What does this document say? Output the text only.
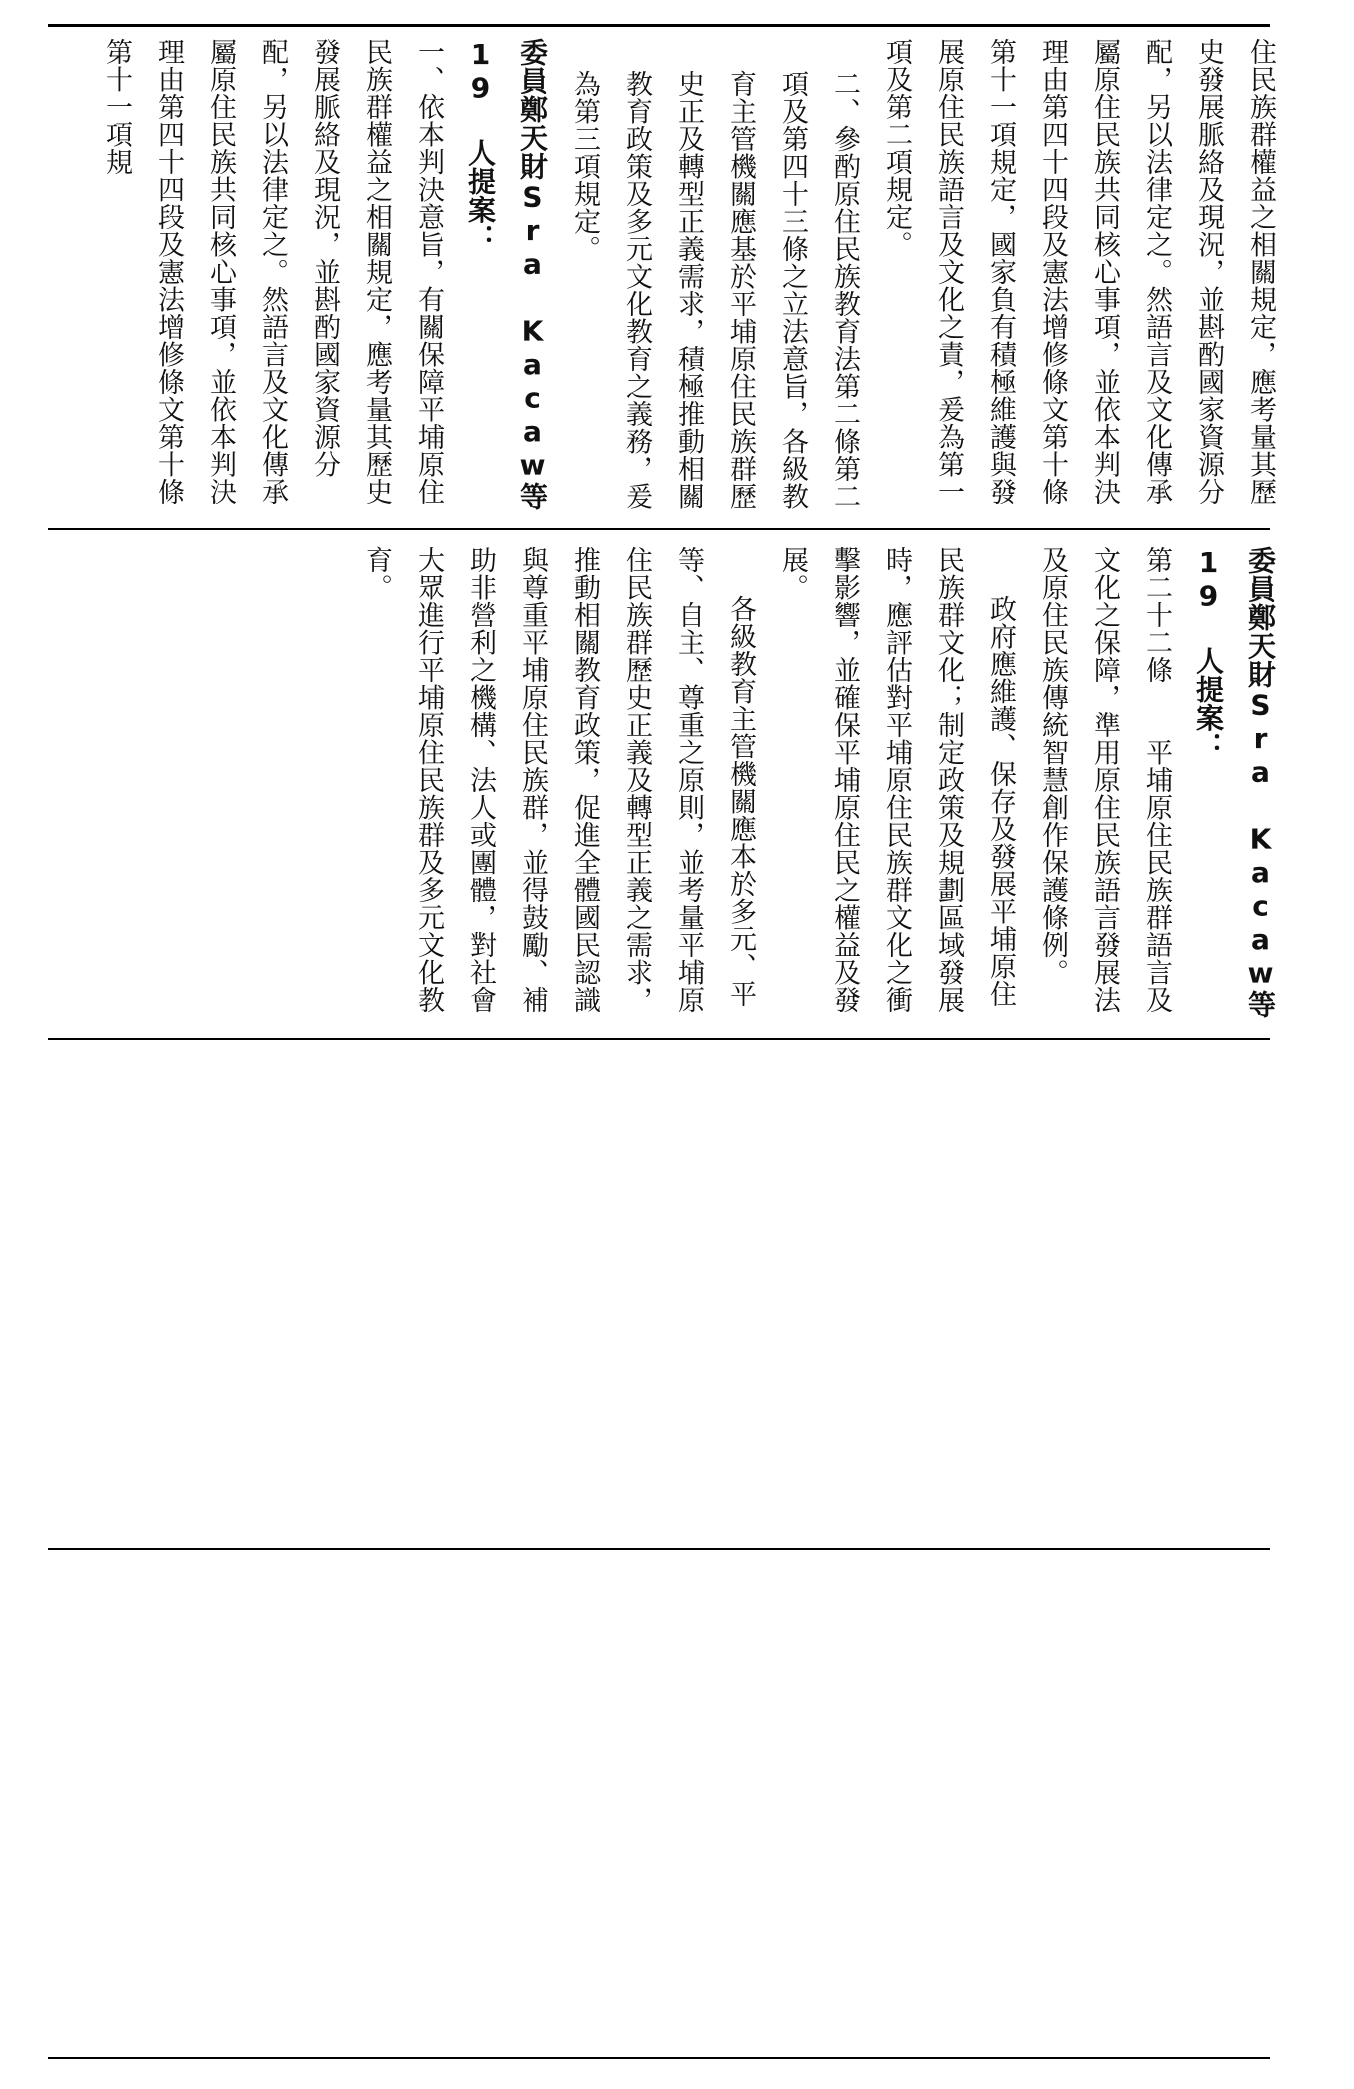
住民族群權益之相關規定，應考量其歷史發展脈絡及現況，並斟酌國家資源分配，另以法律定之。然語言及文化傳承屬原住民族共同核心事項，並依本判決理由第四十四段及憲法增修條文第十條第十一項規定，國家負有積極維護與發展原住民族語言及文化之責，爰為第一項及第二項規定。

二、參酌原住民族教育法第二條第二項及第四十三條之立法意旨，各級教育主管機關應基於平埔原住民族群歷史正及轉型正義需求，積極推動相關教育政策及多元文化教育之義務，爰為第三項規定。

委員鄭天財Sra Kacaw等 19 人提案：

一、依本判決意旨，有關保障平埔原住民族群權益之相關規定，應考量其歷史發展脈絡及現況，並斟酌國家資源分配，另以法律定之。然語言及文化傳承屬原住民族共同核心事項，並依本判決理由第四十四段及憲法增修條文第十條第十一項規

委員鄭天財Sra Kacaw等 19 人提案：

第二十二條　　平埔原住民族群語言及文化之保障，準用原住民族語言發展法及原住民族傳統智慧創作保護條例。

政府應維護、保存及發展平埔原住民族群文化；制定政策及規劃區域發展時，應評估對平埔原住民族群文化之衝擊影響，並確保平埔原住民之權益及發展。

各級教育主管機關應本於多元、平等、自主、尊重之原則，並考量平埔原住民族群歷史正義及轉型正義之需求，推動相關教育政策，促進全體國民認識與尊重平埔原住民族群，並得鼓勵、補助非營利之機構、法人或團體，對社會大眾進行平埔原住民族群及多元文化教育。
